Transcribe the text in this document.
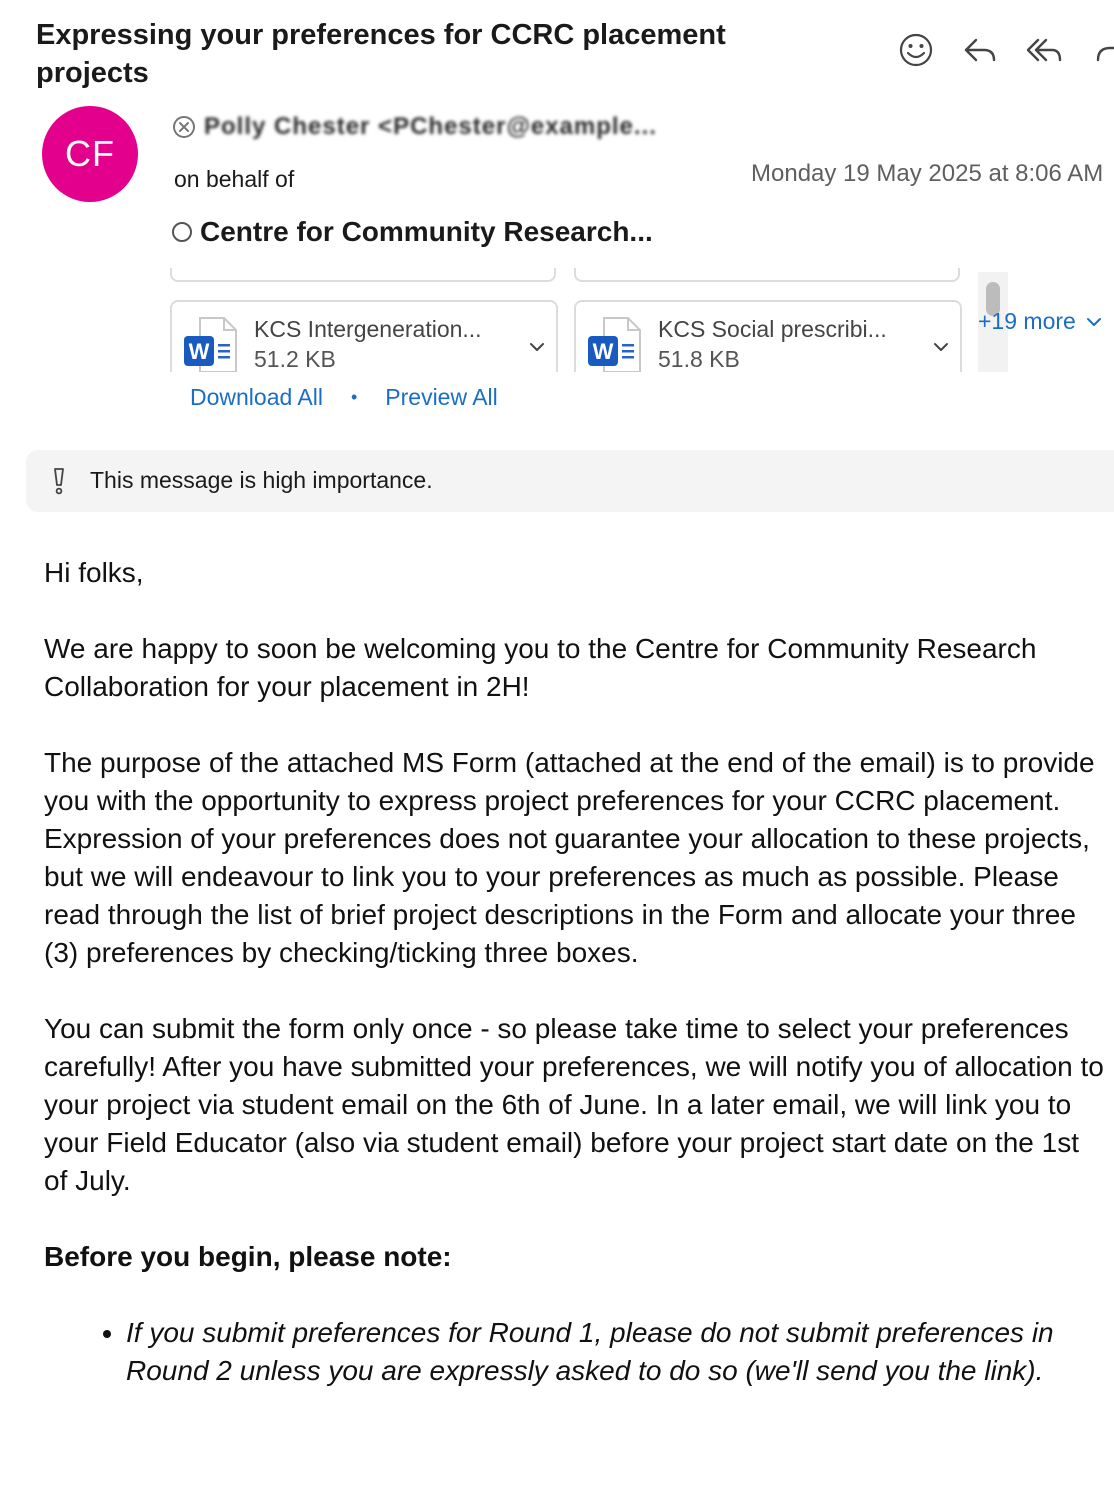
Expressing your preferences for CCRC placement projects
CF
Polly Chester <PChester@example...
on behalf of	Monday 19 May 2025 at 8:06 AM
Centre for Community Research...
W
KCS Intergeneration...
51.2 KB	W
KCS Social prescribi...
51.8 KB
+19 more
Download All • Preview All
This message is high importance.

Hi folks,

We are happy to soon be welcoming you to the Centre for Community Research Collaboration for your placement in 2H!

The purpose of the attached MS Form (attached at the end of the email) is to provide you with the opportunity to express project preferences for your CCRC placement. Expression of your preferences does not guarantee your allocation to these projects, but we will endeavour to link you to your preferences as much as possible. Please read through the list of brief project descriptions in the Form and allocate your three (3) preferences by checking/ticking three boxes.

You can submit the form only once - so please take time to select your preferences carefully! After you have submitted your preferences, we will notify you of allocation to your project via student email on the 6th of June. In a later email, we will link you to your Field Educator (also via student email) before your project start date on the 1st of July.

Before you begin, please note:

• If you submit preferences for Round 1, please do not submit preferences in Round 2 unless you are expressly asked to do so (we'll send you the link).
